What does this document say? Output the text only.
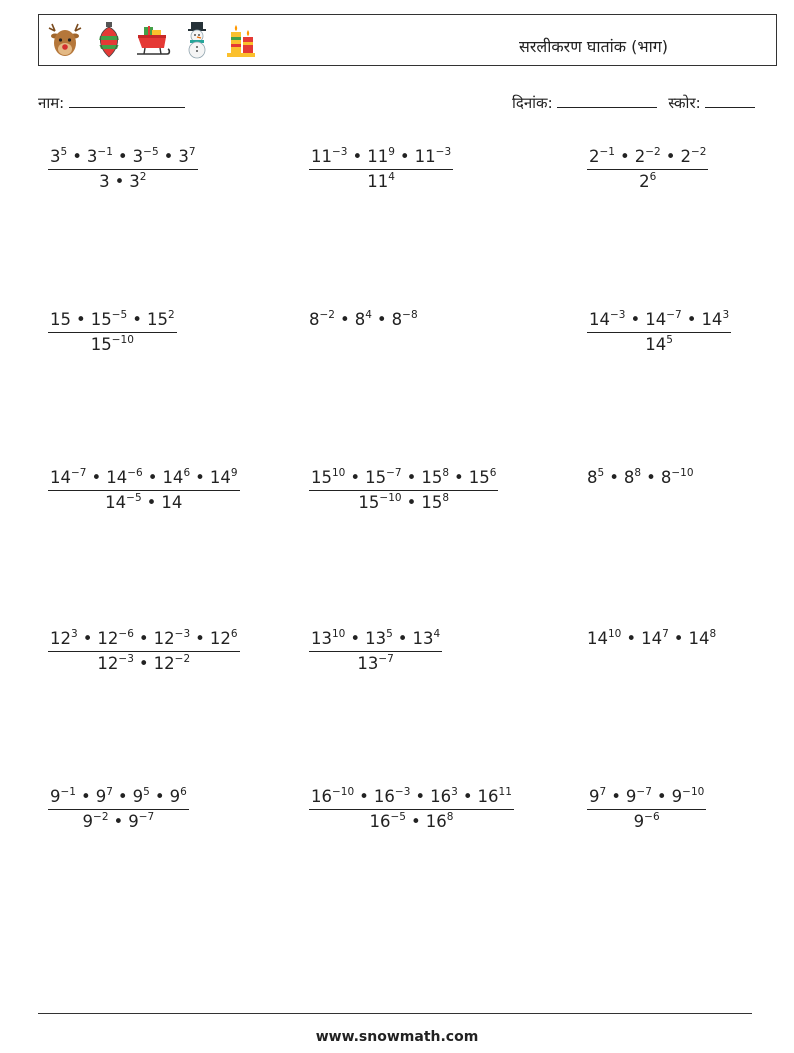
सरलीकरण घातांक (भाग)
नाम:	दिनांक:	स्कोर:
$\frac{3^5 • 3^{-1} • 3^{-5} • 3^7}{3 • 3^2}$	$\frac{11^{-3} • 11^9 • 11^{-3}}{11^4}$	$\frac{2^{-1} • 2^{-2} • 2^{-2}}{2^6}$
$\frac{15 • 15^{-5} • 15^2}{15^{-10}}$	$8^{-2}$ • $8^4$ • $8^{-8}$	$\frac{14^{-3} • 14^{-7} • 14^3}{14^5}$
$\frac{14^{-7} • 14^{-6} • 14^6 • 14^9}{14^{-5} • 14}$	$\frac{15^{10} • 15^{-7} • 15^8 • 15^6}{15^{-10} • 15^8}$	$8^5$ • $8^8$ • $8^{-10}$
$\frac{12^3 • 12^{-6} • 12^{-3} • 12^6}{12^{-3} • 12^{-2}}$	$\frac{13^{10} • 13^5 • 13^4}{13^{-7}}$	$14^{10}$ • $14^7$ • $14^8$
$\frac{9^{-1} • 9^7 • 9^5 • 9^6}{9^{-2} • 9^{-7}}$	$\frac{16^{-10} • 16^{-3} • 16^3 • 16^{11}}{16^{-5} • 16^8}$	$\frac{9^7 • 9^{-7} • 9^{-10}}{9^{-6}}$
www.snowmath.com
